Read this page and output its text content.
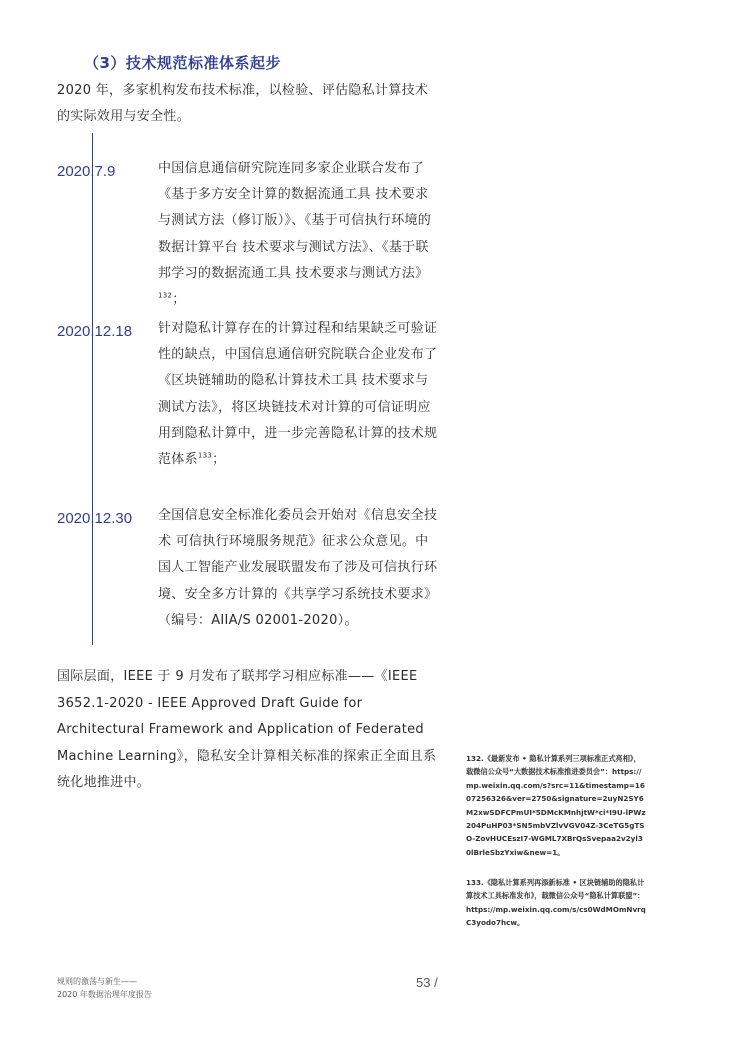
（3）技术规范标准体系起步
2020 年，多家机构发布技术标准，以检验、评估隐私计算技术的实际效用与安全性。
2020.7.9	中国信息通信研究院连同多家企业联合发布了《基于多方安全计算的数据流通工具 技术要求与测试方法（修订版）》、《基于可信执行环境的数据计算平台 技术要求与测试方法》、《基于联邦学习的数据流通工具 技术要求与测试方法》$^{132}$；
2020.12.18 针对隐私计算存在的计算过程和结果缺乏可验证性的缺点，中国信息通信研究院联合企业发布了《区块链辅助的隐私计算技术工具 技术要求与测试方法》，将区块链技术对计算的可信证明应用到隐私计算中，进一步完善隐私计算的技术规范体系$^{133}$；
2020.12.30 全国信息安全标准化委员会开始对《信息安全技术 可信执行环境服务规范》征求公众意见。中国人工智能产业发展联盟发布了涉及可信执行环境、安全多方计算的《共享学习系统技术要求》（编号：AIIA/S 02001-2020）。
国际层面，IEEE 于 9 月发布了联邦学习相应标准——《IEEE 3652.1-2020 - IEEE Approved Draft Guide for Architectural Framework and Application of Federated Machine Learning》，隐私安全计算相关标准的探索正全面且系统化地推进中。
132.《最新发布 • 隐私计算系列三项标准正式亮相》，载微信公众号“大数据技术标准推进委员会”：https://mp.weixin.qq.com/s?src=11&timestamp=1607256326&ver=2750&signature=2uyN2SY6M2xwSDFCPmUI*5DMcKMnhjtW*ci*I9U-lPWz204PuHP03*SN5mbVZlvVGV04Z-3CeTG5gTSO-ZovHUCEszI7-WGML7XBrQsSvepaa2v2yl30lBrleSbzYxiw&new=1。
133.《隐私计算系列再添新标准 • 区块链辅助的隐私计算技术工具标准发布》，载微信公众号“隐私计算联盟”：https://mp.weixin.qq.com/s/cs0WdMOmNvrqC3yodo7hcw。
规则的激荡与新生——
2020 年数据治理年度报告
53 /
